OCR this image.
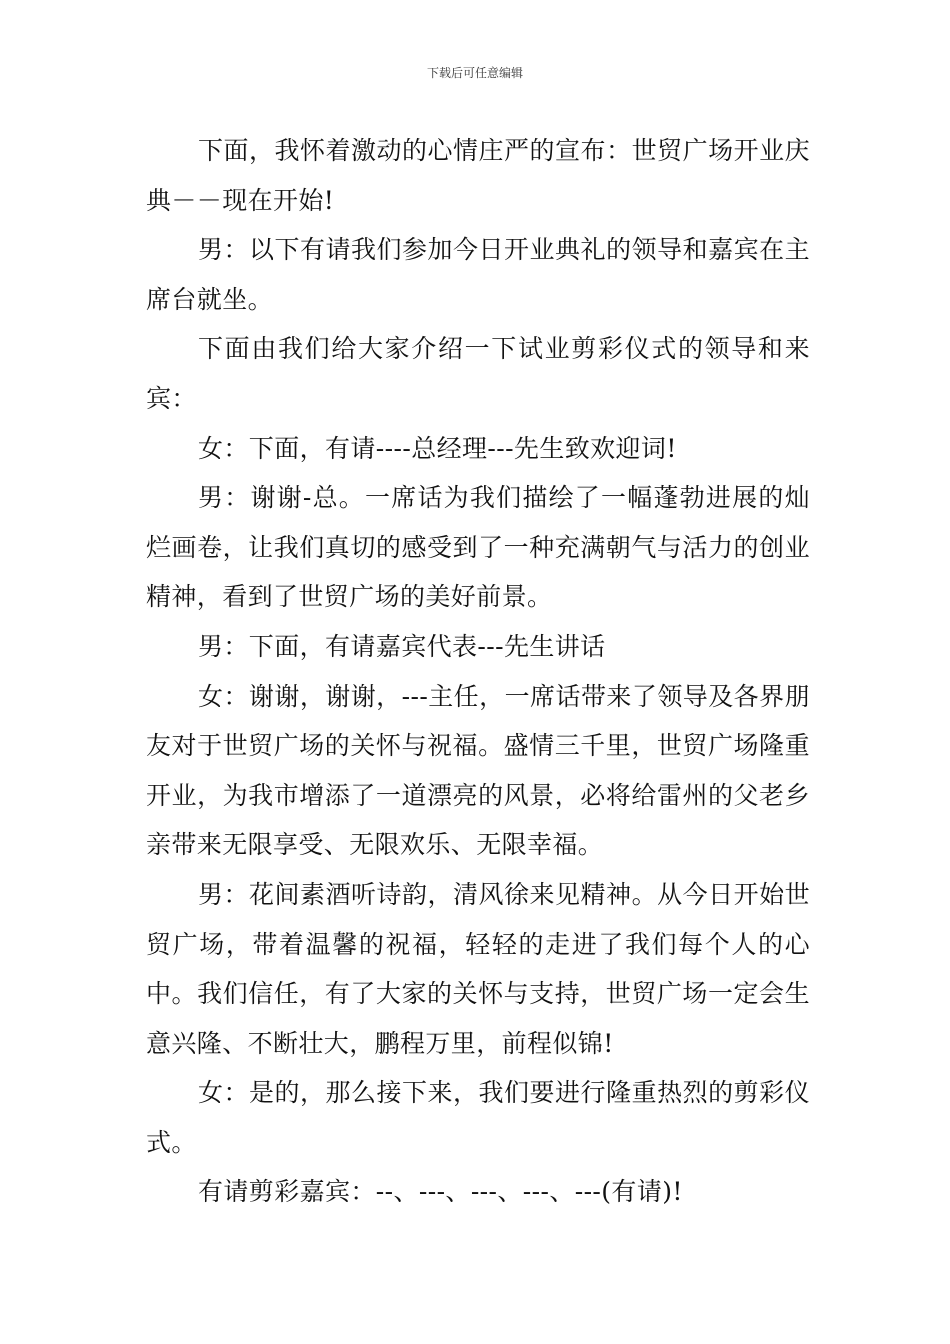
下载后可任意编辑

下面，我怀着激动的心情庄严的宣布：世贸广场开业庆典－－现在开始!

男：以下有请我们参加今日开业典礼的领导和嘉宾在主席台就坐。

下面由我们给大家介绍一下试业剪彩仪式的领导和来宾：

女：下面，有请----总经理---先生致欢迎词!

男：谢谢-总。一席话为我们描绘了一幅蓬勃进展的灿烂画卷，让我们真切的感受到了一种充满朝气与活力的创业精神，看到了世贸广场的美好前景。

男：下面，有请嘉宾代表---先生讲话

女：谢谢，谢谢，---主任，一席话带来了领导及各界朋友对于世贸广场的关怀与祝福。盛情三千里，世贸广场隆重开业，为我市增添了一道漂亮的风景，必将给雷州的父老乡亲带来无限享受、无限欢乐、无限幸福。

男：花间素酒听诗韵，清风徐来见精神。从今日开始世贸广场，带着温馨的祝福，轻轻的走进了我们每个人的心中。我们信任，有了大家的关怀与支持，世贸广场一定会生意兴隆、不断壮大，鹏程万里，前程似锦!

女：是的，那么接下来，我们要进行隆重热烈的剪彩仪式。

有请剪彩嘉宾：--、---、---、---、---(有请)!
